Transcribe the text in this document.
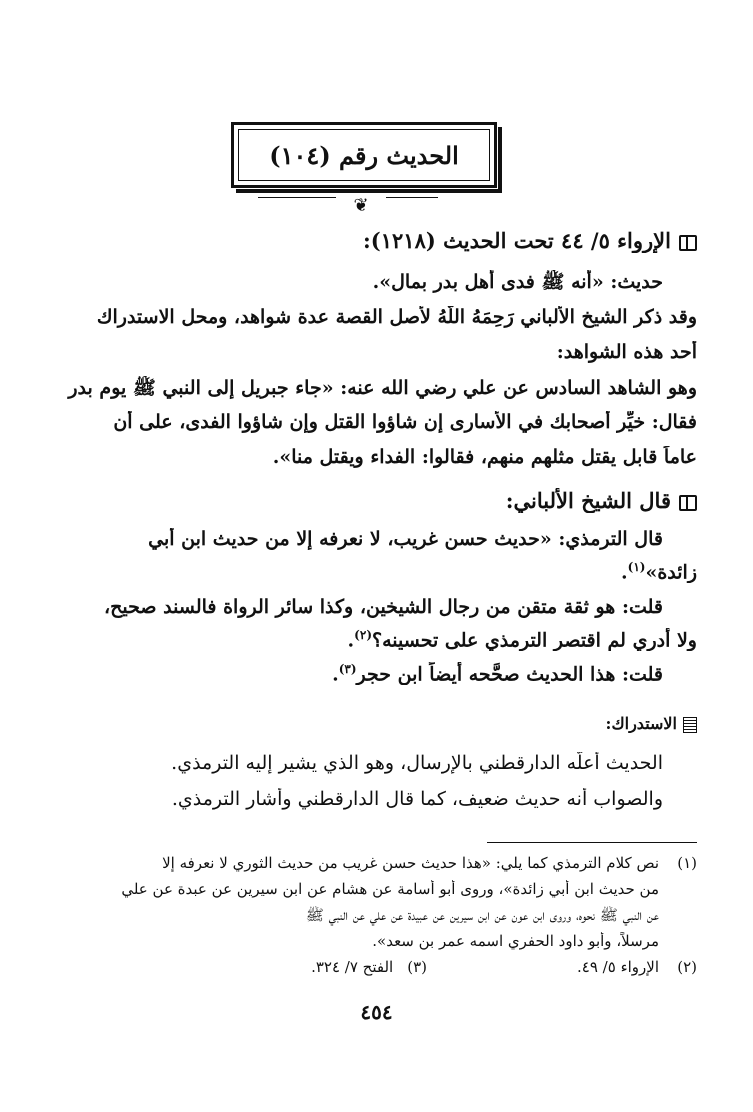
الحديث رقم (١٠٤)
❦
الإرواء ٥/ ٤٤ تحت الحديث (١٢١٨):
حديث: «أنه ﷺ فدى أهل بدر بمال».
وقد ذكر الشيخ الألباني رَحِمَهُ اللَّهُ لأصل القصة عدة شواهد، ومحل الاستدراك
أحد هذه الشواهد:
وهو الشاهد السادس عن علي رضي الله عنه: «جاء جبريل إلى النبي ﷺ يوم بدر
فقال: خيِّر أصحابك في الأسارى إن شاؤوا القتل وإن شاؤوا الفدى، على أن
عاماً قابل يقتل مثلهم منهم، فقالوا: الفداء ويقتل منا».
قال الشيخ الألباني:
قال الترمذي: «حديث حسن غريب، لا نعرفه إلا من حديث ابن أبي
زائدة»$^{(١)}$.
قلت: هو ثقة متقن من رجال الشيخين، وكذا سائر الرواة فالسند صحيح،
ولا أدري لم اقتصر الترمذي على تحسينه؟$^{(٢)}$.
قلت: هذا الحديث صحَّحه أيضاً ابن حجر$^{(٣)}$.
الاستدراك:
الحديث أعلَّه الدارقطني بالإرسال، وهو الذي يشير إليه الترمذي.
والصواب أنه حديث ضعيف، كما قال الدارقطني وأشار الترمذي.
(١)نص كلام الترمذي كما يلي: «هذا حديث حسن غريب من حديث الثوري لا نعرفه إلا
من حديث ابن أبي زائدة»، وروى أبو أسامة عن هشام عن ابن سيرين عن عبدة عن علي
عن النبي ﷺ نحوه، وروى ابن عون عن ابن سيرين عن عبيدة عن علي عن النبي ﷺ
مرسلاً، وأبو داود الحفري اسمه عمر بن سعد».
(٢)الإرواء ٥/ ٤٩.(٣)الفتح ٧/ ٣٢٤.
٤٥٤
